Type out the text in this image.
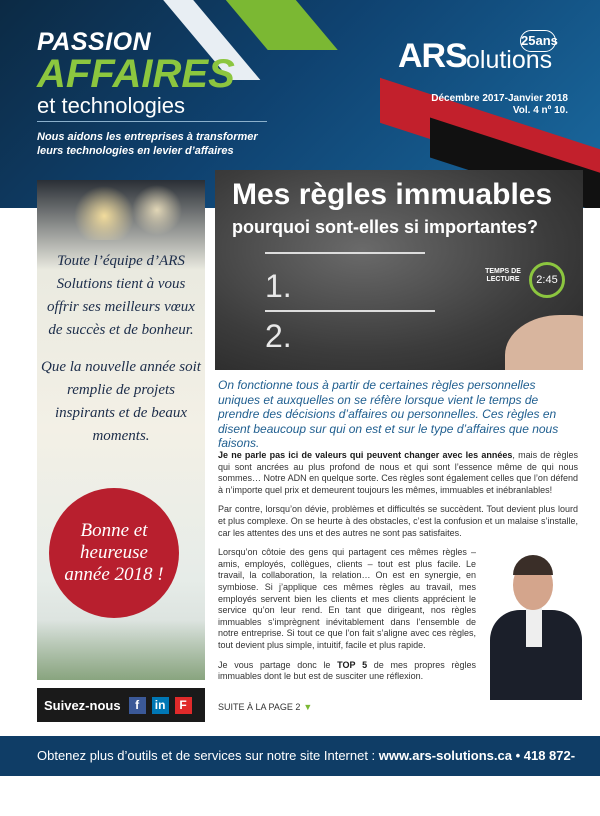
PASSION
AFFAIRES
et technologies
Nous aidons les entreprises à transformer leurs technologies en levier d’affaires
ARS olutions
25ans
Décembre 2017-Janvier 2018
Vol. 4 nº 10.

Toute l’équipe d’ARS Solutions tient à vous offrir ses meilleurs vœux de succès et de bonheur.

Que la nouvelle année soit remplie de projets inspirants et de beaux moments.

Bonne et heureuse année 2018 !
Suivez-nous	f	in	F
Mes règles immuables
pourquoi sont-elles si importantes?
1.
2.
TEMPS DE LECTURE	2:45
On fonctionne tous à partir de certaines règles personnelles uniques et auxquelles on se réfère lorsque vient le temps de prendre des décisions d’affaires ou personnelles. Ces règles en disent beaucoup sur qui on est et sur le type d’affaires que nous faisons.

Je ne parle pas ici de valeurs qui peuvent changer avec les années, mais de règles qui sont ancrées au plus profond de nous et qui sont l’essence même de qui nous sommes… Notre ADN en quelque sorte. Ces règles sont également celles que l’on défend à n’importe quel prix et demeurent toujours les mêmes, immuables et inébranlables!

Par contre, lorsqu’on dévie, problèmes et difficultés se succèdent. Tout devient plus lourd et plus complexe. On se heurte à des obstacles, c’est la confusion et un malaise s’installe, car les attentes des uns et des autres ne sont pas satisfaites.

Lorsqu’on côtoie des gens qui partagent ces mêmes règles – amis, employés, collègues, clients – tout est plus facile. Le travail, la collaboration, la relation… On est en synergie, en symbiose. Si j’applique ces mêmes règles au travail, mes employés servent bien les clients et mes clients apprécient le service qu’on leur rend. En tant que dirigeant, nos règles immuables s’imprègnent inévitablement dans l’ensemble de notre entreprise. Si tout ce que l’on fait s’aligne avec ces règles, tout devient plus simple, intuitif, facile et plus rapide.

Je vous partage donc le TOP 5 de mes propres règles immuables dont le but est de susciter une réflexion.

SUITE À LA PAGE 2 ▼
Obtenez plus d’outils et de services sur notre site Internet : www.ars-solutions.ca • 418 872-4744
